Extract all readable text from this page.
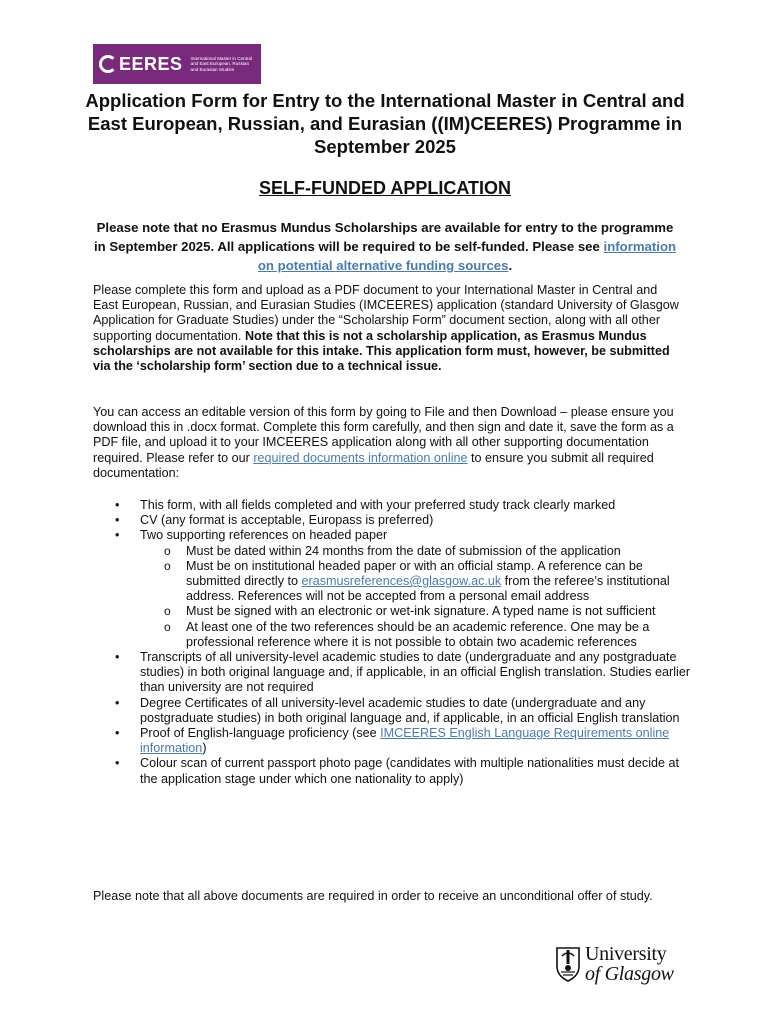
EERES International Master in Central and East European, Russian and Eurasian Studies
Application Form for Entry to the International Master in Central and East European, Russian, and Eurasian ((IM)CEERES) Programme in September 2025
SELF-FUNDED APPLICATION

Please note that no Erasmus Mundus Scholarships are available for entry to the programme in September 2025. All applications will be required to be self-funded. Please see information on potential alternative funding sources.

Please complete this form and upload as a PDF document to your International Master in Central and East European, Russian, and Eurasian Studies (IMCEERES) application (standard University of Glasgow Application for Graduate Studies) under the “Scholarship Form” document section, along with all other supporting documentation. Note that this is not a scholarship application, as Erasmus Mundus scholarships are not available for this intake. This application form must, however, be submitted via the ‘scholarship form’ section due to a technical issue.

You can access an editable version of this form by going to File and then Download – please ensure you download this in .docx format. Complete this form carefully, and then sign and date it, save the form as a PDF file, and upload it to your IMCEERES application along with all other supporting documentation required. Please refer to our required documents information online to ensure you submit all required documentation:

• This form, with all fields completed and with your preferred study track clearly marked
• CV (any format is acceptable, Europass is preferred)
• Two supporting references on headed paper
o Must be dated within 24 months from the date of submission of the application
o Must be on institutional headed paper or with an official stamp. A reference can be submitted directly to erasmusreferences@glasgow.ac.uk from the referee’s institutional address. References will not be accepted from a personal email address
o Must be signed with an electronic or wet-ink signature. A typed name is not sufficient
o At least one of the two references should be an academic reference. One may be a professional reference where it is not possible to obtain two academic references
• Transcripts of all university-level academic studies to date (undergraduate and any postgraduate studies) in both original language and, if applicable, in an official English translation. Studies earlier than university are not required
• Degree Certificates of all university-level academic studies to date (undergraduate and any postgraduate studies) in both original language and, if applicable, in an official English translation
• Proof of English-language proficiency (see IMCEERES English Language Requirements online information)
• Colour scan of current passport photo page (candidates with multiple nationalities must decide at the application stage under which one nationality to apply)

Please note that all above documents are required in order to receive an unconditional offer of study.

University
of Glasgow
